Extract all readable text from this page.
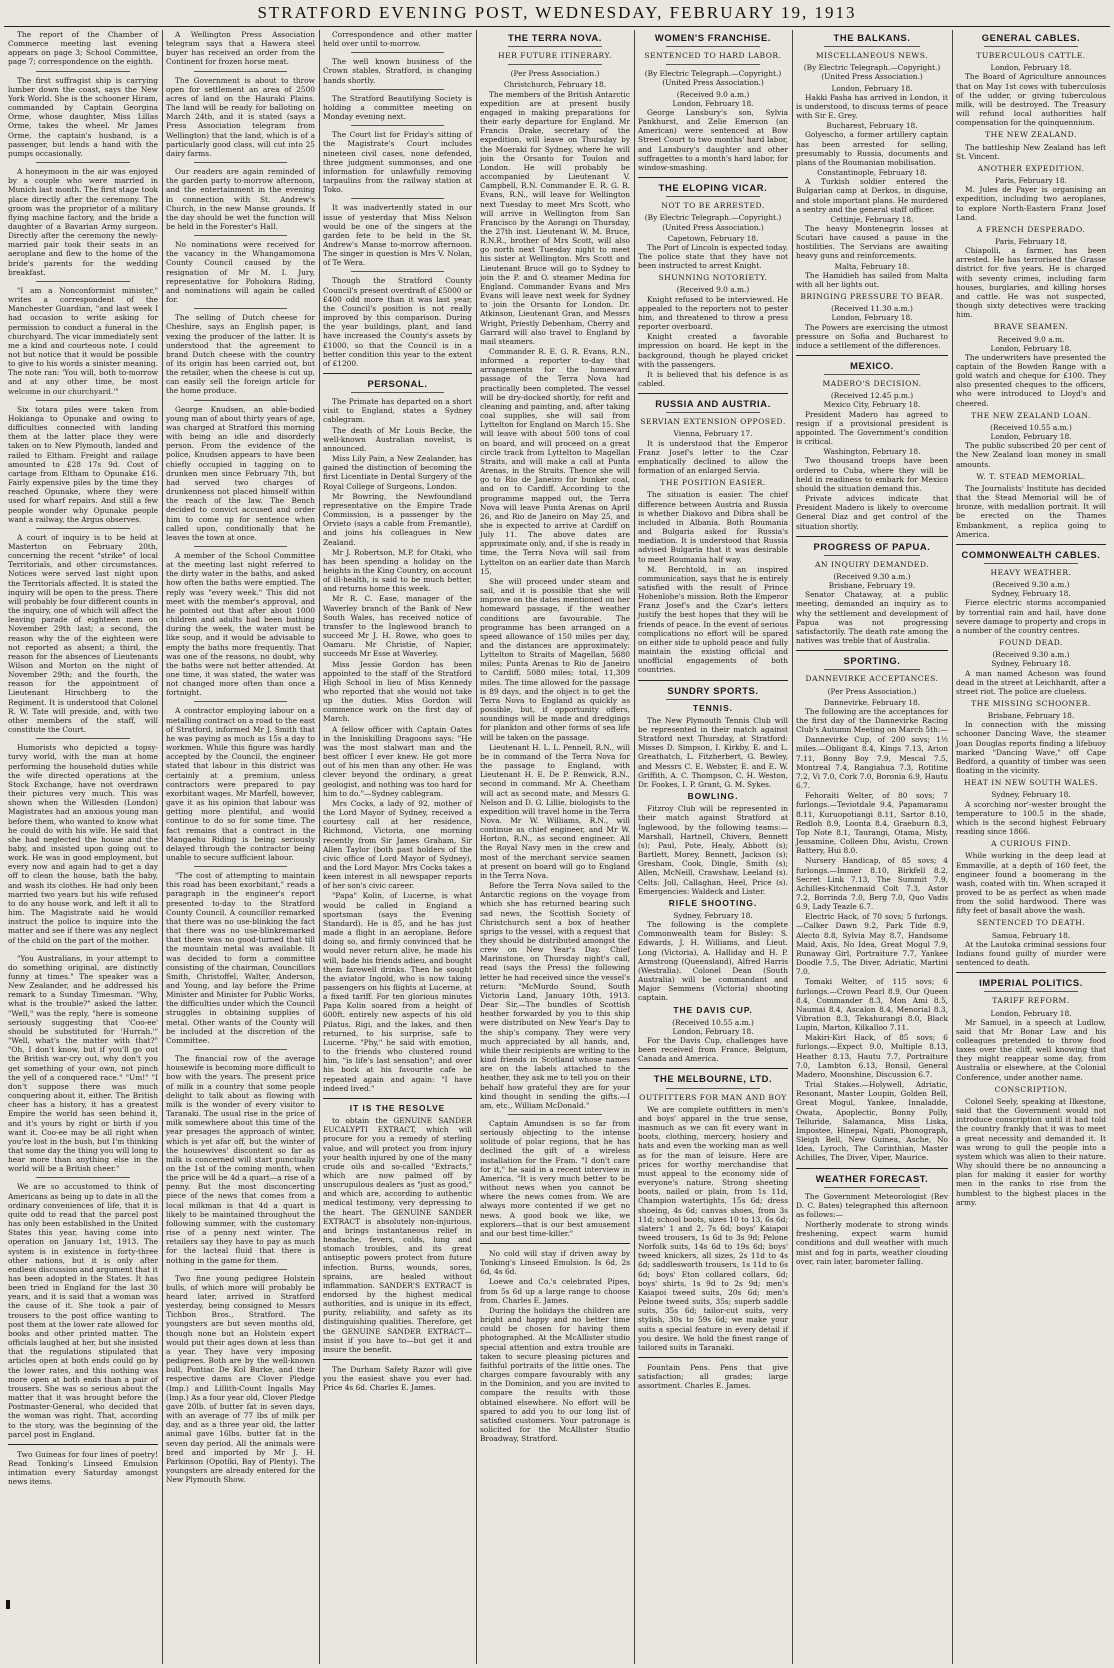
STRATFORD EVENING POST, WEDNESDAY, FEBRUARY 19, 1913

The report of the Chamber of Commerce meeting last evening appears on page 3; School Committee, page 7; correspondence on the eighth.

The first suffragist ship is carrying lumber down the coast, says the New York World. She is the schooner Hiram, commanded by Captain Georgina Orme, whose daughter, Miss Lillas Orme, takes the wheel. Mr James Orme, the captain's husband, is a passenger, but lends a hand with the pumps occasionally.

A honeymoon in the air was enjoyed by a couple who were married in Munich last month. The first stage took place directly after the ceremony. The groom was the proprietor of a military flying machine factory, and the bride a daughter of a Bavarian Army surgeon. Directly after the ceremony the newly-married pair took their seats in an aeroplane and flew to the home of the bride's parents for the wedding breakfast.

"I am a Nonconformist minister," writes a correspondent of the Manchester Guardian, "and last week I had occasion to write asking for permission to conduct a funeral in the churchyard. The vicar immediately sent me a kind and courteous note. I could not but notice that it would be possible to give to his words a sinister meaning. The note ran: 'You will, both to-morrow and at any other time, be most welcome in our churchyard.'"

Six totara piles were taken from Hokianga to Opunake and owing to difficulties connected with landing them at the latter place they were taken on to New Plymouth, landed and railed to Eltham. Freight and railage amounted to £28 17s 9d. Cost of cartage from Eltham to Opunake £16. Fairly expensive piles by the time they reached Opunake, where they were used for wharf repairs. And still a few people wonder why Opunake people want a railway, the Argus observes.

A court of inquiry is to be held at Masterton on February 20th, concerning the recent "strike" of local Territorials, and other circumstances. Notices were served last night upon the Territorials affected. It is stated the inquiry will be open to the press. There will probably be four different counts in the inquiry, one of which will affect the leaving parade of eighteen men on November 29th last; a second, the reason why the of the eighteen were not reported as absent; a third, the reason for the absences of Lieutenants Wilson and Morton on the night of November 29th; and the fourth, the reason for the appointment of Lieutenant Hirschberg to the Regiment. It is understood that Colonel R. W. Tate will preside, and, with two other members of the staff, will constitute the Court.

Humorists who depicted a topsy-turvy world, with the man at home performing the household duties while the wife directed operations at the Stock Exchange, have not overdrawn their pictures very much. This was shown when the Willesden (London) Magistrates had an anxious young man before them, who wanted to know what he could do with his wife. He said that she had neglected the house and the baby, and insisted upon going out to work. He was in good employment, but every now and again had to get a day off to clean the house, bath the baby, and wash its clothes. He had only been married two years but his wife refused to do any house work, and left it all to him. The Magistrate said he would instruct the police to inquire into the matter and see if there was any neglect of the child on the part of the mother.

"You Australians, in your attempt to do something original, are distinctly funny at times." The speaker was a New Zealander, and he addressed his remark to a Sunday Timesman. "Why, what is the trouble?" asked the latter. "Well," was the reply, "here is someone seriously suggesting that 'Coo-ee' should be substituted for 'Hurrah.'" "Well, what's the matter with that?" "Oh, I don't know, but if you'll go out the British war-cry out, why don't you get something of your own, not pinch the yell of a conquered race." "Um!" "I don't suppose there was much conquering about it, either. The British cheer has a history, it has a greatest Empire the world has seen behind it, and it's yours by right or birth if you want it. Coo-ee may be all right when you're lost in the bush, but I'm thinking that some day the thing you will long to hear more than anything else in the world will be a British cheer."

We are so accustomed to think of Americans as being up to date in all the ordinary conveniences of life, that it is quite odd to read that the parcel post has only been established in the United States this year, having come into operation on January 1st, 1913. The system is in existence in forty-three other nations, but it is only after endless discussion and argument that it has been adopted in the States. It has been tried in England for the last 30 years, and it is said that a woman was the cause of it. She took a pair of trousers to the post office wanting to post them at the lower rate allowed for books and other printed matter. The officials laughed at her, but she insisted that the regulations stipulated that articles open at both ends could go by the lower rates, and this nothing was more open at both ends than a pair of trousers. She was so serious about the matter that it was brought before the Postmaster-General, who decided that the woman was right. That, according to the story, was the beginning of the parcel post in England.

Two Guineas for four lines of poetry! Read Tonking's Linseed Emulsion intimation every Saturday amongst news items.

A Wellington Press Association telegram says that a Hawera steel buyer has received an order from the Continent for frozen horse meat.

The Government is about to throw open for settlement an area of 2500 acres of land on the Hauraki Plains. The land will be ready for balloting on March 24th, and it is stated (says a Press Association telegram from Wellington) that the land, which is of a particularly good class, will cut into 25 dairy farms.

Our readers are again reminded of the garden party to-morrow afternoon, and the entertainment in the evening in connection with St. Andrew's Church, in the new Manse grounds. If the day should be wet the function will be held in the Forester's Hall.

No nominations were received for the vacancy in the Whangamomona County Council caused by the resignation of Mr M. I. Jury, representative for Pohokura Riding, and nominations will again be called for.

The selling of Dutch cheese for Cheshire, says an English paper, is vexing the producer of the latter. It is understood that the agreement to brand Dutch cheese with the country of its origin has been carried out, but the retailer, when the cheese is cut up, can easily sell the foreign article for the home produce.

George Knudsen, an able-bodied young man of about thirty years of age, was charged at Stratford this morning with being an idle and disorderly person. From the evidence of the police, Knudsen appears to have been chiefly occupied in tagging on to drunken men since February 7th, but had served two charges of drunkenness not placed himself within the reach of the law. The Bench decided to convict accused and order him to come up for sentence when called upon, conditionally that he leaves the town at once.

A member of the School Committee at the meeting last night referred to the dirty water in the baths, and asked how often the baths were emptied. The reply was "every week." This did not meet with the member's approval, and he pointed out that after about 1000 children and adults had been bathing during the week, the water must be like soup, and it would be advisable to empty the baths more frequently. That was one of the reasons, no doubt, why the baths were not better attended. At one time, it was stated, the water was not changed more often than once a fortnight.

A contractor employing labour on a metalling contract on a road to the east of Stratford, informed Mr J. Smith that he was paying as much as 15s a day to workmen. While this figure was hardly accepted by the Council, the engineer stated that labour in this district was certainly at a premium, unless contractors were prepared to pay exorbitant wages. Mr Marfell, however, gave it as his opinion that labour was getting more plentiful, and would continue to do so for some time. The fact remains that a contract in the Mangaehu Riding is being seriously delayed through the contractor being unable to secure sufficient labour.

"The cost of attempting to maintain this road has been exorbitant," reads a paragraph in the engineer's report presented to-day to the Stratford County Council. A councillor remarked that there was no use-blinking the fact that there was no use-blinkremarked that there was no good-turned that till the mountain metal was available. It was decided to form a committee consisting of the chairman, Councillors Smith, Christoffel, Walter, Anderson, and Young, and lay before the Prime Minister and Minister for Public Works, the difficulties under which the Council struggles in obtaining supplies of metal. Other wants of the County will be included at the discretion of the Committee.

The financial row of the average housewife is becoming more difficult to bow with the years. The present price of milk in a country that some people delight to talk about as flowing with milk is the wonder of every visitor to Taranaki. The usual rise in the price of milk somewhere about this time of the year presages the approach of winter, which is yet afar off, but the winter of the housewives' discontent so far as milk is concerned will start punctually on the 1st of the coming month, when the price will be 4d a quart—a rise of a penny. But the most disconcerting piece of the news that comes from a local milkman is that 4d a quart is likely to be maintained throughout the following summer, with the customary rise of a penny next winter. The retailers say they have to pay as much for the lacteal fluid that there is nothing in the game for them.

Two fine young pedigree Holstein bulls, of which more will probably be heard later, arrived in Stratford yesterday, being consigned to Messrs Tichbon Bros., Stratford. The youngsters are but seven months old, though none but an Holstein expert would put their ages down at less than a year. They have very imposing pedigrees. Both are by the well-known bull, Pontiac De Kol Burke, and their respective dams are Clover Pledge (Imp.) and Lillith-Count Ingalls May (Imp.) As a four year old, Clover Pledge gave 20lb. of butter fat in seven days, with an average of 77 lbs of milk per day, and as a three year old, the latter animal gave 16lbs. butter fat in the seven day period. All the animals were bred and imported by Mr J. H. Parkinson (Opotiki, Bay of Plenty). The youngsters are already entered for the New Plymouth Show.

Correspondence and other matter held over until to-morrow.

The well known business of the Crown stables, Stratford, is changing hands shortly.

The Stratford Beautifying Society is holding a committee meeting on Monday evening next.

The Court list for Friday's sitting of the Magistrate's Court includes nineteen civil cases, none defended, three judgment summonses, and one information for unlawfully removing tarpaulins from the railway station at Toko.

It was inadvertently stated in our issue of yesterday that Miss Nelson would be one of the singers at the garden fete to be held in the St. Andrew's Manse to-morrow afternoon. The singer in question is Mrs V. Nolan, of Te Wera.

Though the Stratford County Council's present overdraft of £5000 or £400 odd more than it was last year, the Council's position is not really improved by this comparison. During the year buildings, plant, and land have increased the County's assets by £1000, so that the Council is in a better condition this year to the extent of £1200.

PERSONAL.

The Primate has departed on a short visit to England, states a Sydney cablegram.

The death of Mr Louis Becke, the well-known Australian novelist, is announced.

Miss Lily Pain, a New Zealander, has gained the distinction of becoming the first Licentiate in Dental Surgery of the Royal College of Surgeons, London.

Mr Bowring, the Newfoundland representative on the Empire Trade Commission, is a passenger by the Orvieto (says a cable from Fremantle), and joins his colleagues in New Zealand.

Mr J. Robertson, M.P. for Otaki, who has been spending a holiday on the heights in the King Country, on account of ill-health, is said to be much better, and returns home this week.

Mr R. C. Ease, manager of the Waverley branch of the Bank of New South Wales, has received notice of transfer to the Inglewood branch to succeed Mr J. H. Rowe, who goes to Oamaru. Mr Christie, of Napier, succeeds Mr Esse at Waverley.

Miss Jessie Gordon has been appointed to the staff of the Stratford High School in lieu of Miss Kennedy who reported that she would not take up the duties. Miss Gordon will commence work on the first day of March.

A fellow officer with Captain Oates in the Inniskilling Dragoons says: "He was the most stalwart man and the best officer I ever knew. He got more out of his men than any other. He was clever beyond the ordinary, a great geologist, and nothing was too hard for him to do."—Sydney cablegram.

Mrs Cocks, a lady of 92, mother of the Lord Mayor of Sydney, received a courtesy call at her residence, Richmond, Victoria, one morning recently from Sir James Graham, Sir Allen Taylor (both past holders of the civic office of Lord Mayor of Sydney), and the Lord Mayor. Mrs Cocks takes a keen interest in all newspaper reports of her son's civic career.

"Papa" Kolin, of Lucerne, is what would be called in England a sportsman (says the Evening Standard). He is 85, and he has just made a flight in an aeroplane. Before doing so, and firmly convinced that he would never return alive, he made his will, bade his friends adieu, and bought them farewell drinks. Then he sought the aviator Ingold, who is now taking passengers on his flights at Lucerne, at a fixed tariff. For ten glorious minutes Papa Kolin soared from a height of 600ft. entirely new aspects of his old Pilatus, Rigi, and the lakes, and then returned, to his surprise, safe to Lucerne. "Phy," he said with emotion, to the friends who clustered round him, "is life's last sensation"; and over his bock at his favourite cafe he repeated again and again: "I have indeed lived."

IT IS THE RESOLVE

to obtain the GENUINE SANDER EUCALYPTI EXTRACT, which will procure for you a remedy of sterling value, and will protect you from injury your health injured by one of the many crude oils and so-called "Extracts," which are now palmed off by unscrupulous dealers as "just as good," and which are, according to authentic medical testimony, very depressing to the heart. The GENUINE SANDER EXTRACT is absolutely non-injurious, and brings instantaneous relief in headache, fevers, colds, lung and stomach troubles, and its great antiseptic powers protect from future infection. Burns, wounds, sores, sprains, are healed without inflammation. SANDER'S EXTRACT is endorsed by the highest medical authorities, and is unique in its effect, purity, reliability, and safety as its distinguishing qualities. Therefore, get the GENUINE SANDER EXTRACT—insist if you have to—but get it and insure the benefit.

The Durham Safety Razor will give you the easiest shave you ever had. Price 4s 6d. Charles E. James.

THE TERRA NOVA.
HER FUTURE ITINERARY.
(Per Press Association.)
Christchurch, February 18.

The members of the British Antarctic expedition are at present busily engaged in making preparations for their early departure for England. Mr Francis Drake, secretary of the expedition, will leave on Thursday by the Moeraki for Sydney, where he will join the Orsanto for Toulon and London. He will probably be accompanied by Lieutenant V. Campbell, R.N. Commander E. R. G. R. Evans, R.N., will leave for Wellington next Tuesday to meet Mrs Scott, who will arrive in Wellington from San Francisco by the Aorangi on Thursday, the 27th inst. Lieutenant W. M. Bruce, R.N.R., brother of Mrs Scott, will also go north next Tuesday night to meet his sister at Wellington. Mrs Scott and Lieutenant Bruce will go to Sydney to join the P. and O. steamer Medina for England. Commander Evans and Mrs Evans will leave next week for Sydney to join the Orsanto for London. Dr. Atkinson, Lieutenant Gran, and Messrs Wright, Priestly Debenham, Cherry and Garrard will also travel to England by mail steamers.

Commander R. E. G. R. Evans, R.N., informed a reporter to-day that arrangements for the homeward passage of the Terra Nova had practically been completed. The vessel will be dry-docked shortly, for refit and cleaning and painting, and, after taking coal supplies, she will sail from Lyttelton for England on March 15. She will leave with about 500 tons of coal on board, and will proceed on a great circle track from Lyttelton to Magellan Straits, and will make a call at Punta Arenas, in the Straits. Thence she will go to Rio de Janeiro for bunker coal, and on to Cardiff. According to the programme mapped out, the Terra Nova will leave Punta Arenas on April 26, and Rio de Janeiro on May 25, and she is expected to arrive at Cardiff on July 11. The above dates are approximate only, and, if she is ready in time, the Terra Nova will sail from Lyttelton on an earlier date than March 15.

She will proceed under steam and sail, and it is possible that she will improve on the dates mentioned on her homeward passage, if the weather conditions are favourable. The programme has been arranged on a speed allowance of 150 miles per day, and the distances are approximately: Lyttelton to Straits of Magellan, 5680 miles; Punta Arenas to Rio de Janeiro to Cardiff, 5080 miles; total, 11,309 miles. The time allowed for the passage is 89 days, and the object is to get the Terra Nova to England as quickly as possible, but, if opportunity offers, soundings will be made and dredgings for plankton and other forms of sea life will be taken on the passage.

Lieutenant H. L. L. Pennell, R.N., will be in command of the Terra Nova for the passage to England, with Lieutenant H. E. De P. Renwick, R.N., second in command. Mr A. Cheetham will act as second mate, and Messrs G. Nelson and D. G. Lillie, biologists to the expedition will travel home in the Terra Nova. Mr W. Williams, R.N., will continue as chief engineer, and Mr W. Horton, R.N., as second engineer. All the Royal Navy men in the crew and most of the merchant service seamen at present on board will go to England in the Terra Nova.

Before the Terra Nova sailed to the Antarctic regions on the voyage from which she has returned bearing such sad news, the Scottish Society of Christchurch sent a box of heather sprigs to the vessel, with a request that they should be distributed amongst the crew on New Year's Day. Chief Marinstone, on Thursday night's call, read (says the Press) the following letter he had received since the vessel's return: "McMurdo Sound, South Victoria Land, January 10th, 1913. Dear Sir,—The bundles of Scottish heather forwarded by you to this ship were distributed on New Year's Day to the ship's company. They were very much appreciated by all hands, and, while their recipients are writing to the kind friends in Scotland whose names are on the labels attached to the heather, they ask me to tell you on their behalf how grateful they are for your kind thought in sending the gifts.—I am, etc., William McDonald."

Captain Amundsen is so far from seriously objecting to the intense solitude of polar regions, that he has declined the gift of a wireless installation for the Fram. "I don't care for it," he said in a recent interview in America. "It is very much better to be without news when you cannot be where the news comes from. We are always more contented if we get no news. A good book we like, we explorers—that is our best amusement and our best time-killer."

No cold will stay if driven away by Tonking's Linseed Emulsion. Is 6d, 2s 6d, 4s 6d.

Loewe and Co.'s celebrated Pipes, from 5s 6d up a large range to choose from. Charles E. James.

During the holidays the children are bright and happy and no better time could be chosen for having them photographed. At the McAllister studio special attention and extra trouble are taken to secure pleasing pictures and faithful portraits of the little ones. The charges compare favourably with any in the Dominion, and you are invited to compare the results with those obtained elsewhere. No effort will be spared to add you to our long list of satisfied customers. Your patronage is solicited for the McAllister Studio Broadway, Stratford.

WOMEN'S FRANCHISE.
SENTENCED TO HARD LABOR.
(By Electric Telegraph.—Copyright.) (United Press Association.)
(Received 9.0 a.m.)
London, February 18.

George Lansbury's son, Sylvia Pankhurst, and Zelie Emerson (an American) were sentenced at Bow Street Court to two months' hard labor, and Lansbury's daughter and other suffragettes to a month's hard labor, for window-smashing.

THE ELOPING VICAR.
NOT TO BE ARRESTED.
(By Electric Telegraph.—Copyright.) (United Press Association.)
Capetown, February 18.

The Port of Lincoln is expected today. The police state that they have not been instructed to arrest Knight.

SHUNNING NOTORIETY.
(Received 9.0 a.m.)

Knight refused to be interviewed. He appealed to the reporters not to pester him, and threatened to throw a press reporter overboard.

Knight created a favorable impression on board. He kept in the background, though he played cricket with the passengers.

It is believed that his defence is as cabled.

RUSSIA AND AUSTRIA.
SERVIAN EXTENSION OPPOSED.
Vienna, February 17.

It is understood that the Emperor Franz Josef's letter to the Czar emphatically declined to allow the formation of an enlarged Servia.

THE POSITION EASIER.

The situation is easier. The chief difference between Austria and Russia is whether Diakovo and Dibra shall be included in Albania. Both Roumania and Bulgaria asked for Russia's mediation. It is understood that Russia advised Bulgaria that it was desirable to meet Roumania half way.

M. Berchtold, in an inspired communication, says that he is entirely satisfied with the result of Prince Hohenlohe's mission. Both the Emperor Franz Josef's and the Czar's letters justify the best hopes that they will be friends of peace. In the event of serious complications no effort will be spared on either side to uphold peace and fully maintain the existing official and unofficial engagements of both countries.

SUNDRY SPORTS.
TENNIS.

The New Plymouth Tennis Club will be represented in their match against Stratford next Thursday, at Stratford: Misses D. Simpson, I. Kirkby, E. and L. Greathatch, L. Fitzherbert, G. Bewley, and Messrs C. E. Webster, E. and E. W. Griffith, A. C. Thompson, C. H. Weston, Dr. Fookes, I. P. Grant, G. M. Sykes.

BOWLING.

Fitzroy Club will be represented in their match against Stratford at Inglewood, by the following teams:—Marshall, Hartnell, Chivers, Bennett (s); Paul, Pote, Healy, Abbott (s); Bartlett, Morey, Bennett, Jackson (s); Gresham, Cook, Dingle, Smith (s); Allen, McNeill, Crawshaw, Leeland (s). Celts: Joll, Callaghan, Heel, Price (s). Emergencies: Waldeck and Lister.

RIFLE SHOOTING.
Sydney, February 18.

The following is the complete Commonwealth team for Bisley: S. Edwards, J. H. Williams, and Lieut. Long (Victoria), A. Halliday and H. P. Armstrong (Queensland), Alfred Harris (Westralia). Colonel Dean (South Australia) will be commandant and Major Semmens (Victoria) shooting captain.

THE DAVIS CUP.
(Received 10.55 a.m.)
London, February 18.

For the Davis Cup, challenges have been received from France, Belgium, Canada and America.

THE MELBOURNE, LTD.
OUTFITTERS FOR MAN AND BOY

We are complete outfitters in men's and boys' apparel in the true sense, inasmuch as we can fit every want in boots, clothing, mercery, hosiery and hats and even the working man as well as for the man of leisure. Here are prices for worthy merchandise that must appeal to the economy side of everyone's nature. Strong sheeting boots, nailed or plain, from 1s 11d, Champion watertights, 15s 6d; dress shoeing, 4s 6d; canvas shoes, from 3s 11d; school boots, sizes 10 to 13, 6s 6d; slaters' 1 and 2, 7s 6d; boys' Kaiapoi tweed trousers, 1s 6d to 3s 9d; Pelone Norfolk suits, 14s 6d to 19s 6d; boys' tweed knickers, all sizes, 2s 11d to 4s 6d; saddlesworth trousers, 1s 11d to 6s 6d; boys' Eton collared collars, 6d; boys' shirts, 1s 9d to 2s 9d; men's Kaiapoi tweed suits, 20s 6d; men's Pelone tweed suits, 35s; superb saddle suits, 35s 6d; tailor-cut suits, very stylish, 30s to 59s 6d; we make your suits a special feature in every detail if you desire. We hold the finest range of tailored suits in Taranaki.

Fountain Pens. Pens that give satisfaction; all grades; large assortment. Charles E. James.

THE BALKANS.
MISCELLANEOUS NEWS.
(By Electric Telegraph.—Copyright.) (United Press Association.)
London, February 18.

Hakki Pasha has arrived in London, it is understood, to discuss terms of peace with Sir E. Grey.

Bucharest, February 18.

Golyescho, a former artillery captain has been arrested for selling, presumably to Russia, documents and plans of the Roumanian mobilisation.

Constantinople, February 18.

A Turkish soldier entered the Bulgarian camp at Derkos, in disguise, and stole important plans. He murdered a sentry and the general staff officer.

Cettinje, February 18.

The heavy Montenegrin losses at Scutari have caused a pause in the hostilities. The Servians are awaiting heavy guns and reinforcements.

Malta, February 18.

The Hamidieh has sailed from Malta with all her lights out.

BRINGING PRESSURE TO BEAR.
(Received 11.30 a.m.)
London, February 18.

The Powers are exercising the utmost pressure on Sofia and Bucharest to induce a settlement of the differences.

MEXICO.
MADERO'S DECISION.
(Received 12.45 p.m.)
Mexico City, February 18.

President Madero has agreed to resign if a provisional president is appointed. The Government's condition is critical.

Washington, February 18.

Two thousand troops have been ordered to Cuba, where they will be held in readiness to embark for Mexico should the situation demand this.

Private advices indicate that President Madero is likely to overcome General Diaz and get control of the situation shortly.

PROGRESS OF PAPUA.
AN INQUIRY DEMANDED.
(Received 9.30 a.m.)
Brisbane, February 19.

Senator Chataway, at a public meeting, demanded an inquiry as to why the settlement and development of Papua was not progressing satisfactorily. The death rate among the natives was treble that of Australia.

SPORTING.
DANNEVIRKE ACCEPTANCES.
(Per Press Association.)
Dannevirke, February 18.

The following are the acceptances for the first day of the Dannevirke Racing Club's Autumn Meeting on March 5th:—

Dannevirke Cup, of 200 sovs; 1½ miles.—Obligant 8.4, Kings 7.13, Arion 7.11, Bonny Boy 7.9, Mescal 7.5, Montreal 7.4, Rangiahua 7.3, Rotitine 7.2, Vi 7.0, Cork 7.0, Boronia 6.9, Hautu 6.7.

Fehoraiti Welter, of 80 sovs; 7 furlongs.—Teviotdale 9.4, Papamaramu 8.11, Kuruopotiangi 8.11, Sartor 8.10, Redloh 8.9, Loonta 8.4, Graeburn 8.3, Top Note 8.1, Taurangi, Otama, Misty, Jessamine, Colleen Dhu, Avistu, Crown Battery, Hui 8.0.

Nursery Handicap, of 85 sovs; 4 furlongs.—Immer 8.10, Birkfell 8.2, Secret Link 7.13, The Summit 7.9, Achilles-Kitchenmaid Colt 7.3, Astor 7.2, Borrinda 7.0, Berg 7.0, Quo Vadis 6.9, Lady Teazle 6.7.

Electric Hack, of 70 sovs; 5 furlongs.—Calker Dawn 9.2, Park Tide 8.9, Alecto 8.8, Sylvia May 8.7, Handsome Maid, Axis, No Idea, Great Mogul 7.9, Runaway Girl, Portraiture 7.7, Yankee Doodle 7.5, The Diver, Adriatic, Martini 7.0.

Tomaki Welter, of 115 sovs; 6 furlongs.—Crown Pearl 8.9, Our Queen 8.4, Commander 8.3, Mon Ami 8.5, Naumai 8.4, Ascalon 8.4, Menorial 8.3, Vibration 8.3, Tekahurangi 8.0, Black Lupin, Marton, Kilkalloo 7.11.

Makiri-Kiri Hack, of 85 sovs; 6 furlongs.—Expect 9.0, Multiple 8.13, Heather 8.13, Hautu 7.7, Portraiture 7.0, Lambton 6.13, Bonsil, General Madero, Moonshine, Discussion 6.7.

Trial Stakes.—Holywell, Adriatic, Resonant, Master Loupin, Golden Bell, Great Mogul, Yankee, Innaladde, Owata, Apoplectic, Bonny Polly, Telluride, Salamanca, Miss Liska, Impostee, Hinepai, Ngati, Phonograph, Sleigh Bell, New Guinea, Asche, No Idea, Lyroch, The Corinthian, Master Achilles, The Diver, Viper, Maurice.

WEATHER FORECAST.

The Government Meteorologist (Rev D. C. Bates) telegraphed this afternoon as follows:—

Northerly moderate to strong winds freshening, expect warm humid conditions and dull weather with much mist and fog in parts, weather clouding over, rain later, barometer falling.

GENERAL CABLES.
TUBERCULOUS CATTLE.
London, February 18.

The Board of Agriculture announces that on May 1st cows with tuberculosis of the udder, or giving tuberculous milk, will be destroyed. The Treasury will refund local authorities half compensation for the quinquennium.

THE NEW ZEALAND.

The battleship New Zealand has left St. Vincent.

ANOTHER EXPEDITION.
Paris, February 18.

M. Jules de Payer is organising an expedition, including two aeroplanes, to explore North-Eastern Franz Josef Land.

A FRENCH DESPERADO.
Paris, February 18.

Chiapolli, a farmer, has been arrested. He has terrorised the Grasse district for five years. He is charged with seventy crimes, including farm houses, burglaries, and killing horses and cattle. He was not suspected, though sixty detectives were tracking him.

BRAVE SEAMEN.
Received 9.0 a.m.
London, February 18.

The underwriters have presented the captain of the Bowden Range with a gold watch and cheque for £100. They also presented cheques to the officers, who were introduced to Lloyd's and cheered.

THE NEW ZEALAND LOAN.
(Received 10.55 a.m.)
London, February 18.

The public subscribed 20 per cent of the New Zealand loan money in small amounts.

W. T. STEAD MEMORIAL.

The Journalists' Institute has decided that the Stead Memorial will be of bronze, with medallion portrait. It will be erected on the Thames Embankment, a replica going to America.

COMMONWEALTH CABLES.
HEAVY WEATHER.
(Received 9.30 a.m.)
Sydney, February 18.

Fierce electric storms accompanied by torrential rain and hail, have done severe damage to property and crops in a number of the country centres.

FOUND DEAD.
(Received 9.30 a.m.)
Sydney, February 18.

A man named Acheson was found dead in the street at Leichhardt, after a street riot. The police are clueless.

THE MISSING SCHOONER.
Brisbane, February 18.

In connection with the missing schooner Dancing Wave, the steamer Joan Douglas reports finding a lifebuoy marked "Dancing Wave," off Cape Bedford, a quantity of timber was seen floating in the vicinity.

HEAT IN NEW SOUTH WALES.
Sydney, February 18.

A scorching nor'-wester brought the temperature to 100.5 in the shade, which is the second highest February reading since 1866.

A CURIOUS FIND.

While working in the deep lead at Emmaville, at a depth of 160 feet, the engineer found a boomerang in the wash, coated with tin. When scraped it proved to be as perfect as when made from the solid hardwood. There was fifty feet of basalt above the wash.

SENTENCED TO DEATH.
Samoa, February 18.

At the Lautoka criminal sessions four Indians found guilty of murder were sentenced to death.

IMPERIAL POLITICS.
TARIFF REFORM.
London, February 18.

Mr Samuel, in a speech at Ludlow, said that Mr Bonar Law and his colleagues pretended to throw food taxes over the cliff, well knowing that they might reappear some day, from Australia or elsewhere, at the Colonial Conference, under another name.

CONSCRIPTION.

Colonel Seely, speaking at Ilkestone, said that the Government would not introduce conscription until it had told the country frankly that it was to meet a great necessity and demanded it. It was wrong to gull the people into a system which was alien to their nature. Why should there be no announcing a plan for making it easier for worthy men in the ranks to rise from the humblest to the highest places in the army.
